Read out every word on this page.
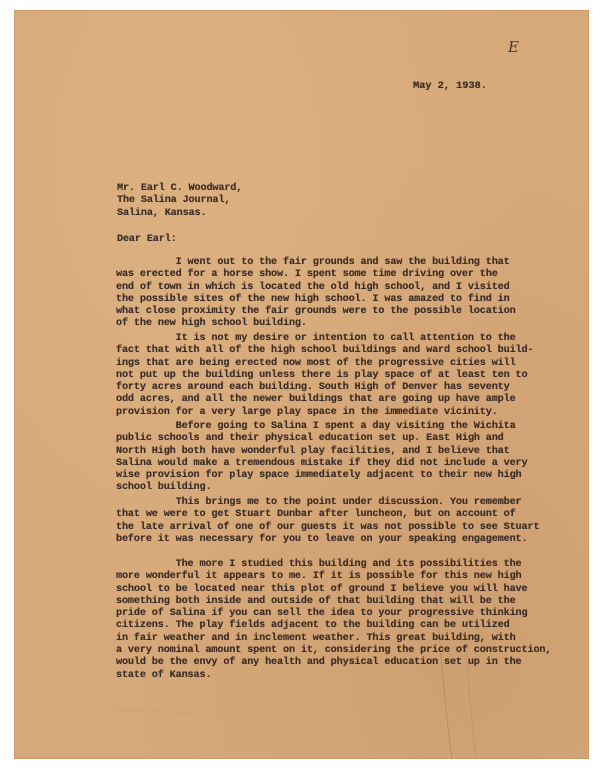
E
May 2, 1938.
Mr. Earl C. Woodward,
The Salina Journal,
Salina, Kansas.
Dear Earl:
I went out to the fair grounds and saw the building that
was erected for a horse show. I spent some time driving over the
end of town in which is located the old high school, and I visited
the possible sites of the new high school. I was amazed to find in
what close proximity the fair grounds were to the possible location
of the new high school building.
It is not my desire or intention to call attention to the
fact that with all of the high school buildings and ward school build-
ings that are being erected now most of the progressive cities will
not put up the building unless there is play space of at least ten to
forty acres around each building. South High of Denver has seventy
odd acres, and all the newer buildings that are going up have ample
provision for a very large play space in the immediate vicinity.
Before going to Salina I spent a day visiting the Wichita
public schools and their physical education set up. East High and
North High both have wonderful play facilities, and I believe that
Salina would make a tremendous mistake if they did not include a very
wise provision for play space immediately adjacent to their new high
school building.
This brings me to the point under discussion. You remember
that we were to get Stuart Dunbar after luncheon, but on account of
the late arrival of one of our guests it was not possible to see Stuart
before it was necessary for you to leave on your speaking engagement.
The more I studied this building and its possibilities the
more wonderful it appears to me. If it is possible for this new high
school to be located near this plot of ground I believe you will have
something both inside and outside of that building that will be the
pride of Salina if you can sell the idea to your progressive thinking
citizens. The play fields adjacent to the building can be utilized
in fair weather and in inclement weather. This great building, with
a very nominal amount spent on it, considering the price of construction,
would be the envy of any health and physical education set up in the
state of Kansas.
